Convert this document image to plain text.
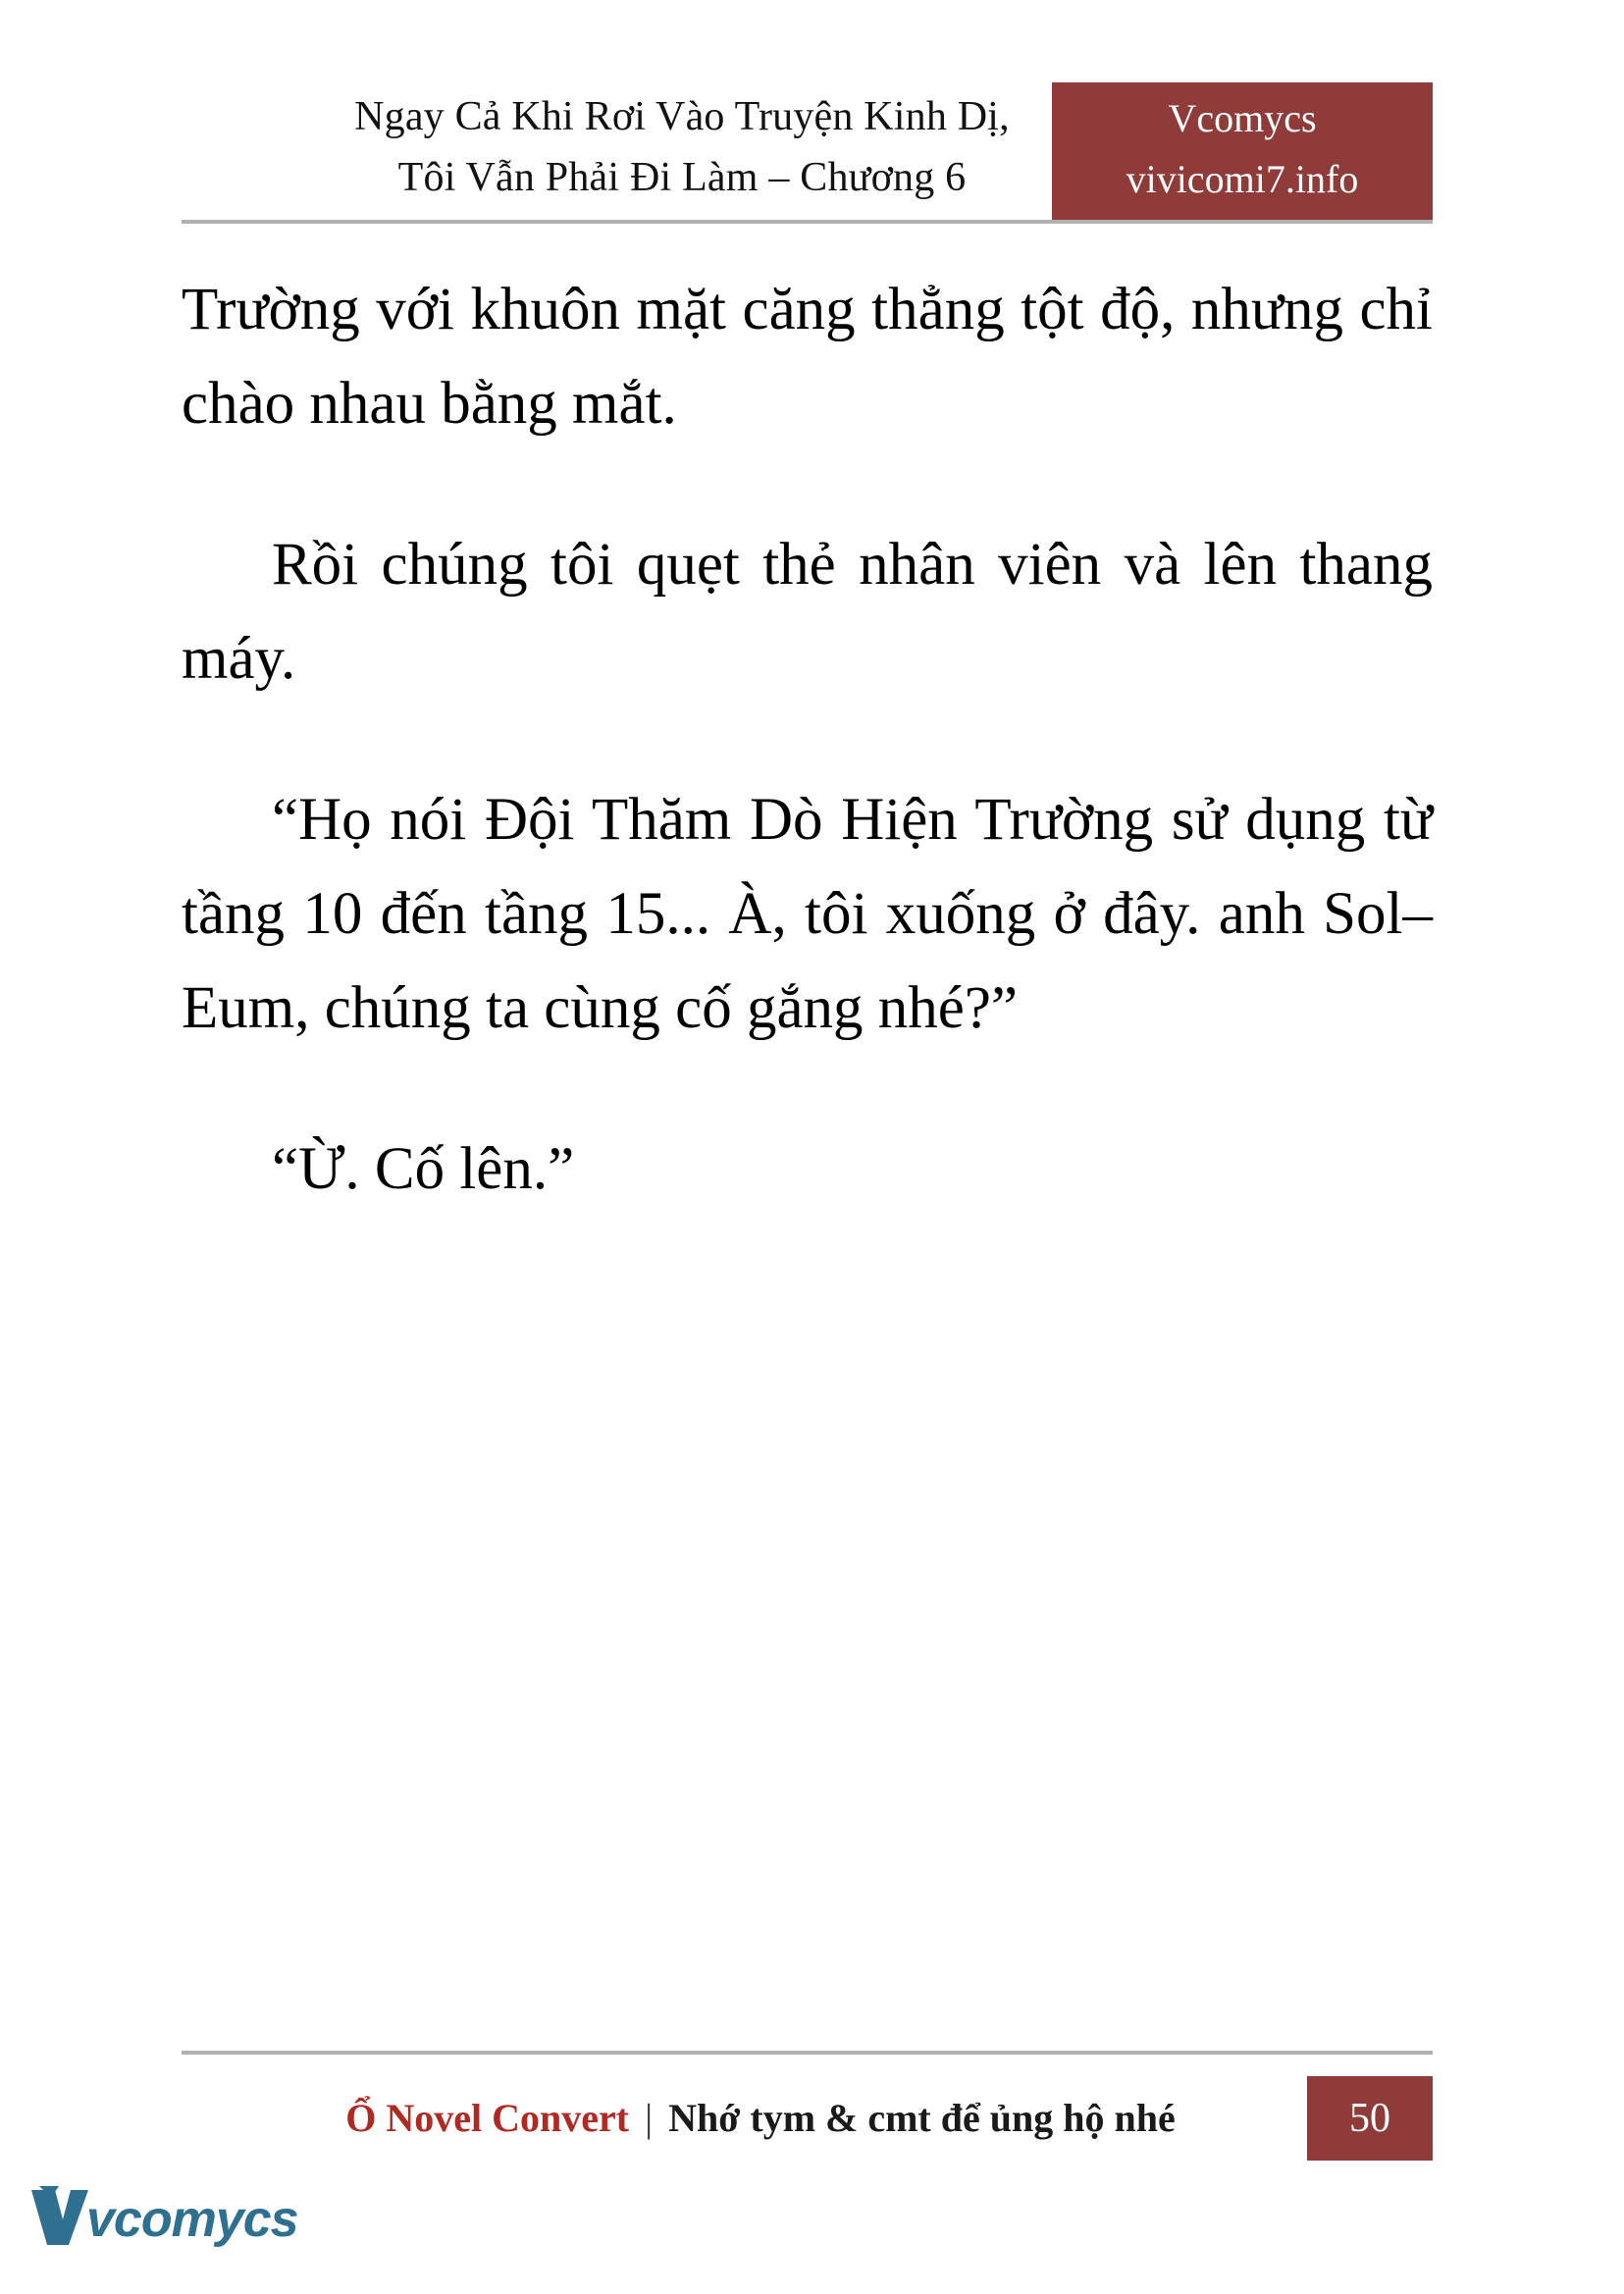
Ngay Cả Khi Rơi Vào Truyện Kinh Dị,
Tôi Vẫn Phải Đi Làm – Chương 6
Vcomycs
vivicomi7.info

Trường với khuôn mặt căng thẳng tột độ, nhưng chỉ chào nhau bằng mắt.

Rồi chúng tôi quẹt thẻ nhân viên và lên thang máy.

“Họ nói Đội Thăm Dò Hiện Trường sử dụng từ tầng 10 đến tầng 15... À, tôi xuống ở đây. anh Sol–Eum, chúng ta cùng cố gắng nhé?”

“Ừ. Cố lên.”

Ổ Novel Convert | Nhớ tym & cmt để ủng hộ nhé	50
vcomycs
